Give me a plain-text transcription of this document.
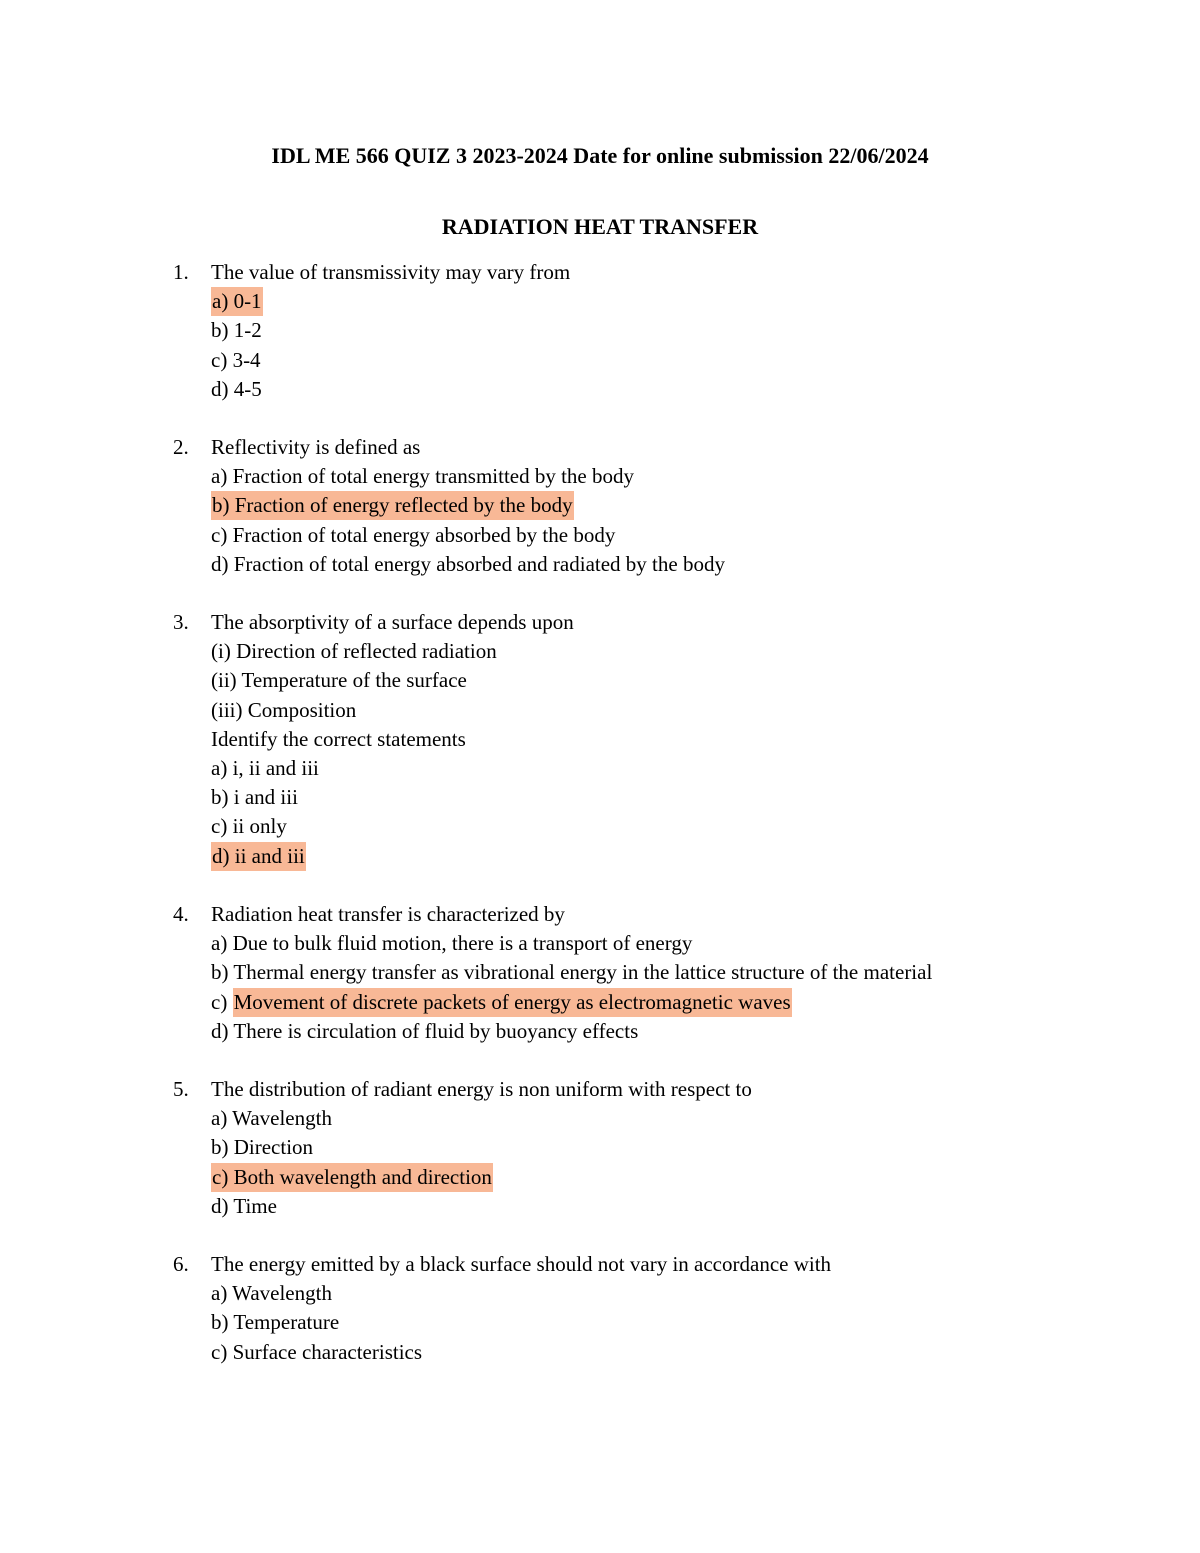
IDL ME 566 QUIZ 3 2023-2024 Date for online submission 22/06/2024
RADIATION HEAT TRANSFER
1. The value of transmissivity may vary from
a) 0-1
b) 1-2
c) 3-4
d) 4-5
2. Reflectivity is defined as
a) Fraction of total energy transmitted by the body
b) Fraction of energy reflected by the body
c) Fraction of total energy absorbed by the body
d) Fraction of total energy absorbed and radiated by the body
3. The absorptivity of a surface depends upon
(i) Direction of reflected radiation
(ii) Temperature of the surface
(iii) Composition
Identify the correct statements
a) i, ii and iii
b) i and iii
c) ii only
d) ii and iii
4. Radiation heat transfer is characterized by
a) Due to bulk fluid motion, there is a transport of energy
b) Thermal energy transfer as vibrational energy in the lattice structure of the material
c) Movement of discrete packets of energy as electromagnetic waves
d) There is circulation of fluid by buoyancy effects
5. The distribution of radiant energy is non uniform with respect to
a) Wavelength
b) Direction
c) Both wavelength and direction
d) Time
6. The energy emitted by a black surface should not vary in accordance with
a) Wavelength
b) Temperature
c) Surface characteristics
